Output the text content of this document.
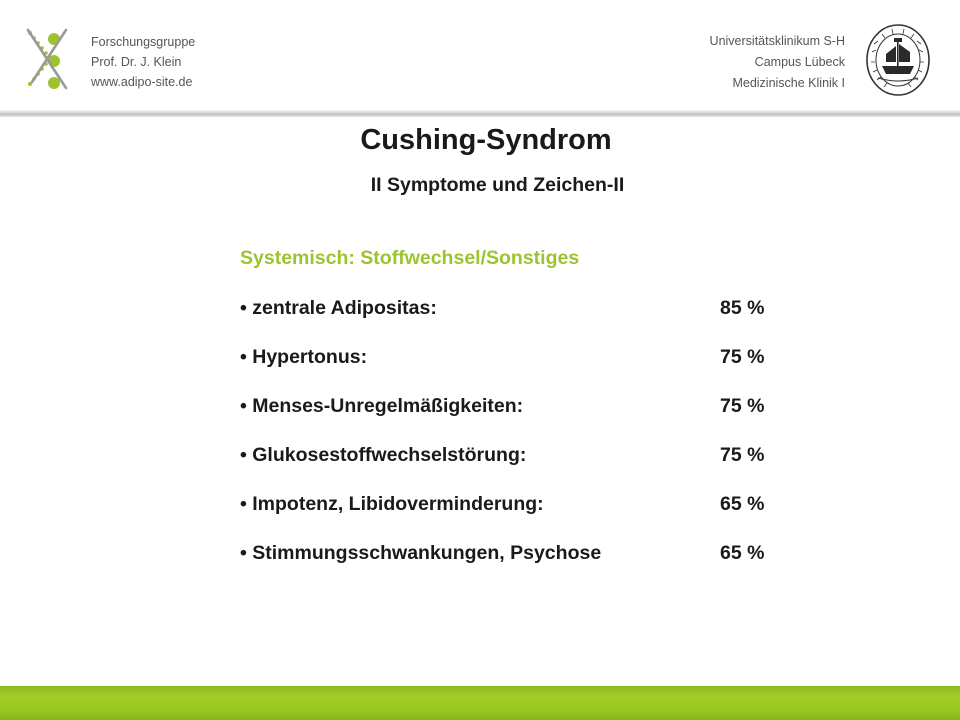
Forschungsgruppe
Prof. Dr. J. Klein
www.adipo-site.de
Universitätsklinikum S-H
Campus Lübeck
Medizinische Klinik I
Cushing-Syndrom
II Symptome und Zeichen-II
Systemisch: Stoffwechsel/Sonstiges
• zentrale Adipositas:	85 %
• Hypertonus:	75 %
• Menses-Unregelmäßigkeiten:	75 %
• Glukosestoffwechselstörung:	75 %
• Impotenz, Libidoverminderung:	65 %
• Stimmungsschwankungen, Psychose	65 %
